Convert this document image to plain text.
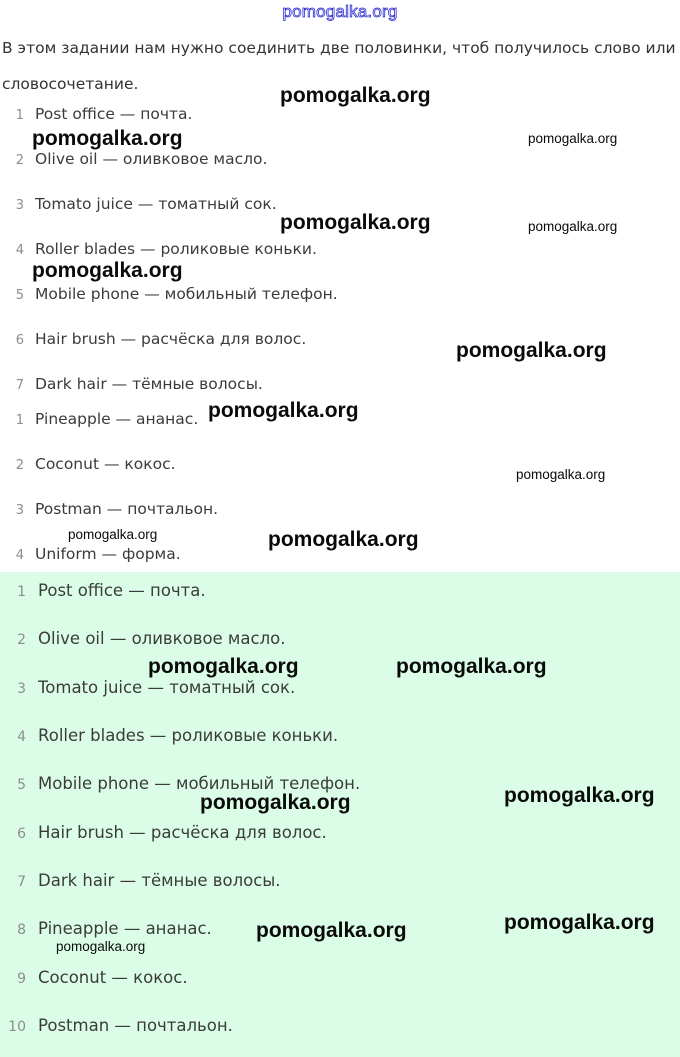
pomogalka.org
В этом задании нам нужно соединить две половинки, чтоб получилось слово или словосочетание.
1 Post office — почта.
2 Olive oil — оливковое масло.
3 Tomato juice — томатный сок.
4 Roller blades — роликовые коньки.
5 Mobile phone — мобильный телефон.
6 Hair brush — расчёска для волос.
7 Dark hair — тёмные волосы.
1 Pineapple — ананас.
2 Coconut — кокос.
3 Postman — почтальон.
4 Uniform — форма.
1 Post office — почта.
2 Olive oil — оливковое масло.
3 Tomato juice — томатный сок.
4 Roller blades — роликовые коньки.
5 Mobile phone — мобильный телефон.
6 Hair brush — расчёска для волос.
7 Dark hair — тёмные волосы.
8 Pineapple — ананас.
9 Coconut — кокос.
10 Postman — почтальон.
pomogalka.org
pomogalka.org	pomogalka.org
pomogalka.org	pomogalka.org
pomogalka.org
pomogalka.org
pomogalka.org
pomogalka.org
pomogalka.org	pomogalka.org
pomogalka.org	pomogalka.org
pomogalka.org	pomogalka.org
pomogalka.org
pomogalka.org
pomogalka.org
